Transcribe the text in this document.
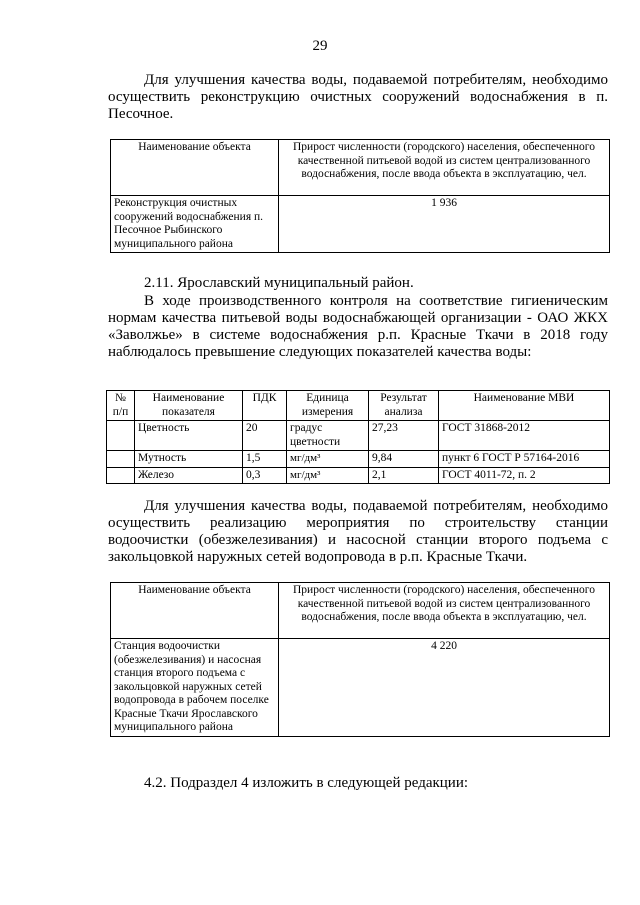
29
Для улучшения качества воды, подаваемой потребителям, необходимо осуществить реконструкцию очистных сооружений водоснабжения в п. Песочное.
Наименование объекта	Прирост численности (городского) населения, обеспеченного качественной питьевой водой из систем централизованного водоснабжения, после ввода объекта в эксплуатацию, чел.
Реконструкция очистных сооружений водоснабжения п. Песочное Рыбинского муниципального района	1 936
2.11. Ярославский муниципальный район.
В ходе производственного контроля на соответствие гигиеническим нормам качества питьевой воды водоснабжающей организации - ОАО ЖКХ «Заволжье» в системе водоснабжения р.п. Красные Ткачи в 2018 году наблюдалось превышение следующих показателей качества воды:
№ п/п	Наименование показателя	ПДК	Единица измерения	Результат анализа	Наименование МВИ
	Цветность	20	градус цветности	27,23	ГОСТ 31868-2012
	Мутность	1,5	мг/дм³	9,84	пункт 6 ГОСТ Р 57164-2016
	Железо	0,3	мг/дм³	2,1	ГОСТ 4011-72, п. 2
Для улучшения качества воды, подаваемой потребителям, необходимо осуществить реализацию мероприятия по строительству станции водоочистки (обезжелезивания) и насосной станции второго подъема с закольцовкой наружных сетей водопровода в р.п. Красные Ткачи.
Наименование объекта	Прирост численности (городского) населения, обеспеченного качественной питьевой водой из систем централизованного водоснабжения, после ввода объекта в эксплуатацию, чел.
Станция водоочистки (обезжелезивания) и насосная станция второго подъема с закольцовкой наружных сетей водопровода в рабочем поселке Красные Ткачи Ярославского муниципального района	4 220
4.2. Подраздел 4 изложить в следующей редакции:
